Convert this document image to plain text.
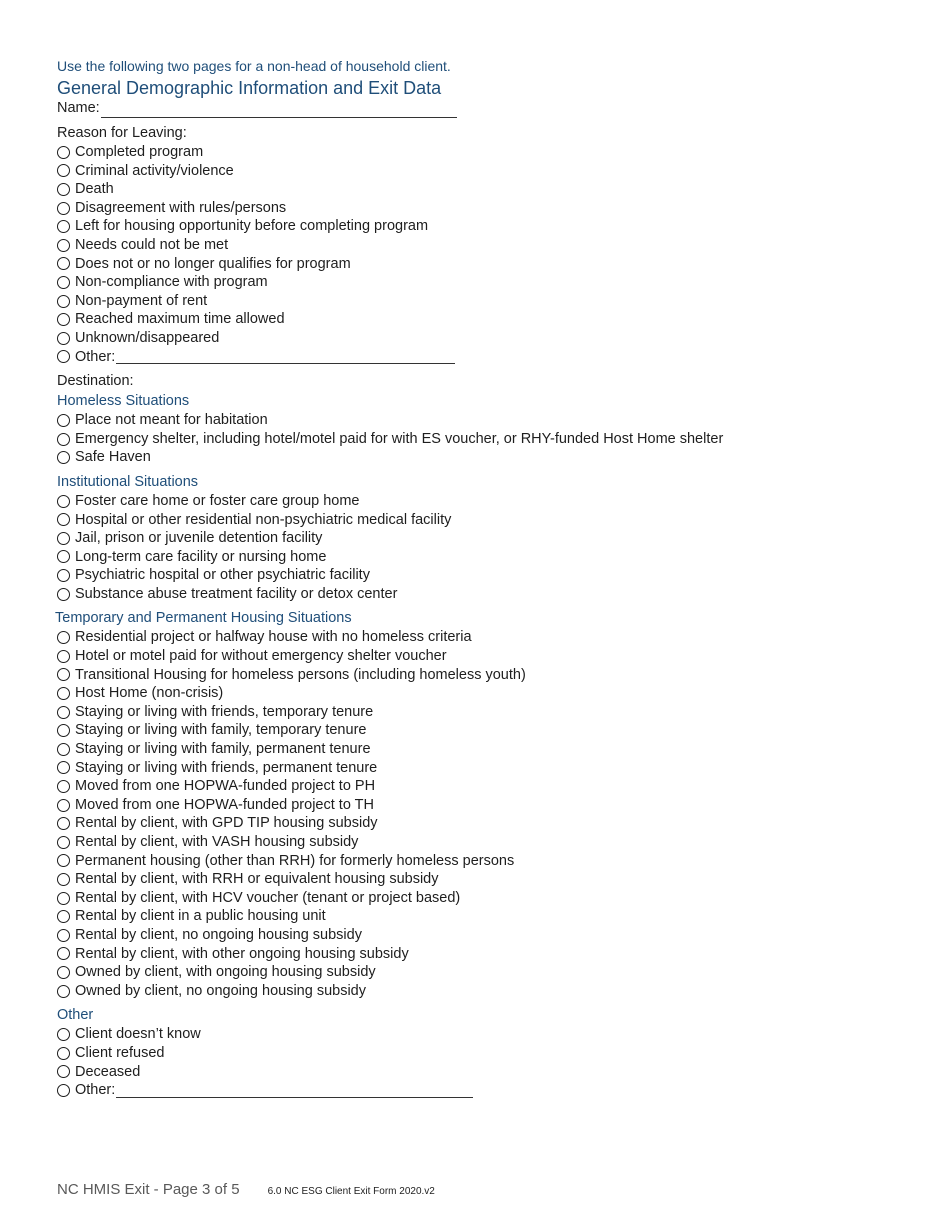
Use the following two pages for a non-head of household client.
General Demographic Information and Exit Data
Name:
Reason for Leaving:
Completed program
Criminal activity/violence
Death
Disagreement with rules/persons
Left for housing opportunity before completing program
Needs could not be met
Does not or no longer qualifies for program
Non-compliance with program
Non-payment of rent
Reached maximum time allowed
Unknown/disappeared
Other:
Destination:
Homeless Situations
Place not meant for habitation
Emergency shelter, including hotel/motel paid for with ES voucher, or RHY-funded Host Home shelter
Safe Haven
Institutional Situations
Foster care home or foster care group home
Hospital or other residential non-psychiatric medical facility
Jail, prison or juvenile detention facility
Long-term care facility or nursing home
Psychiatric hospital or other psychiatric facility
Substance abuse treatment facility or detox center
Temporary and Permanent Housing Situations
Residential project or halfway house with no homeless criteria
Hotel or motel paid for without emergency shelter voucher
Transitional Housing for homeless persons (including homeless youth)
Host Home (non-crisis)
Staying or living with friends, temporary tenure
Staying or living with family, temporary tenure
Staying or living with family, permanent tenure
Staying or living with friends, permanent tenure
Moved from one HOPWA-funded project to PH
Moved from one HOPWA-funded project to TH
Rental by client, with GPD TIP housing subsidy
Rental by client, with VASH housing subsidy
Permanent housing (other than RRH) for formerly homeless persons
Rental by client, with RRH or equivalent housing subsidy
Rental by client, with HCV voucher (tenant or project based)
Rental by client in a public housing unit
Rental by client, no ongoing housing subsidy
Rental by client, with other ongoing housing subsidy
Owned by client, with ongoing housing subsidy
Owned by client, no ongoing housing subsidy
Other
Client doesn’t know
Client refused
Deceased
Other:
NC HMIS Exit - Page 3 of 5	6.0 NC ESG Client Exit Form 2020.v2
